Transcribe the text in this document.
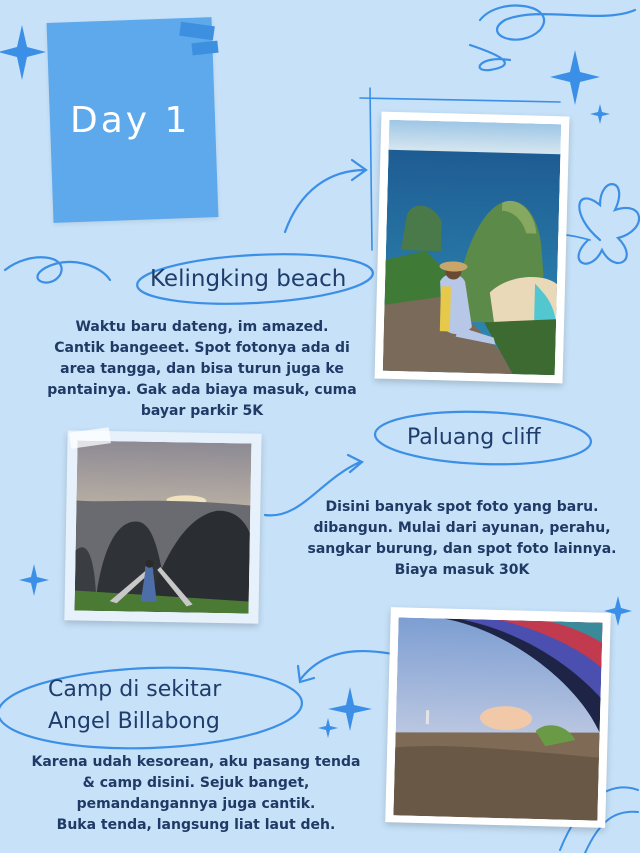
Day 1
Kelingking beach
Paluang cliff
Camp di sekitar
Angel Billabong
Waktu baru dateng, im amazed.
Cantik bangeeet. Spot fotonya ada di
area tangga, dan bisa turun juga ke
pantainya. Gak ada biaya masuk, cuma
bayar parkir 5K
Disini banyak spot foto yang baru.
dibangun. Mulai dari ayunan, perahu,
sangkar burung, dan spot foto lainnya.
Biaya masuk 30K
Karena udah kesorean, aku pasang tenda
& camp disini. Sejuk banget,
pemandangannya juga cantik.
Buka tenda, langsung liat laut deh.
